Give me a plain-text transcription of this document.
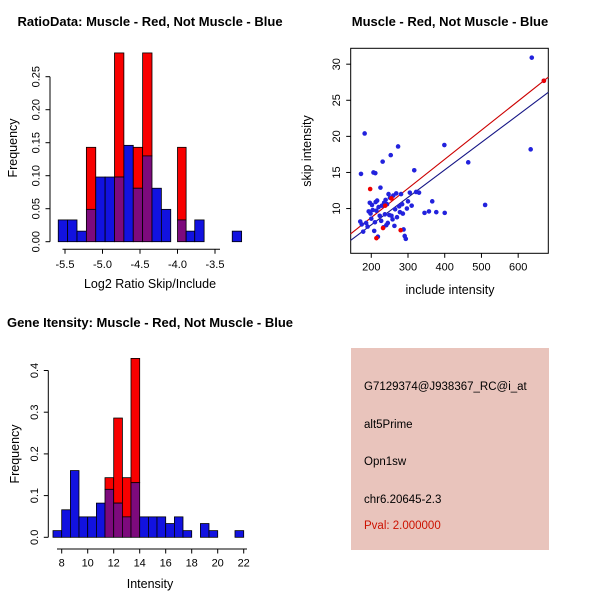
RatioData: Muscle - Red, Not Muscle - Blue	Muscle - Red, Not Muscle - Blue
Gene Itensity: Muscle - Red, Not Muscle - Blue
Log2 Ratio Skip/Include	include intensity
Intensity
Frequency	skip intensity
Frequency
0.00
0.05
0.10
0.15
0.20
0.25
-5.5 -5.0 -4.5 -4.0 -3.5	200 300 400 500 600
10
15
20
25
30
0.0
0.1
0.2
0.3
0.4
8 10 12 14 16 18 20 22
G7129374@J938367_RC@i_at
alt5Prime
Opn1sw
chr6.20645-2.3
Pval: 2.000000
